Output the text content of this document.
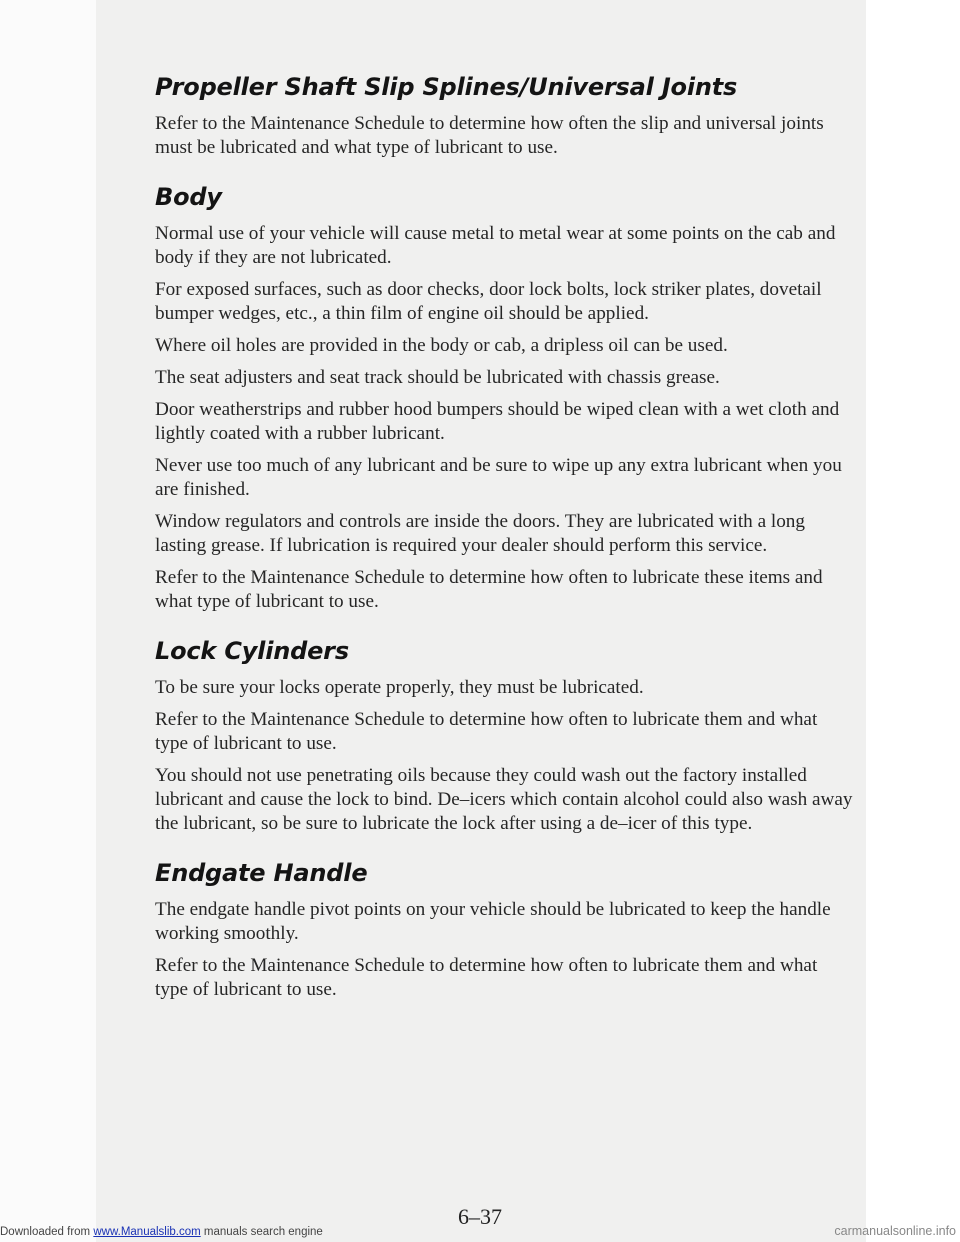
Propeller Shaft Slip Splines/Universal Joints

Refer to the Maintenance Schedule to determine how often the slip and universal joints must be lubricated and what type of lubricant to use.

Body

Normal use of your vehicle will cause metal to metal wear at some points on the cab and body if they are not lubricated.

For exposed surfaces, such as door checks, door lock bolts, lock striker plates, dovetail bumper wedges, etc., a thin film of engine oil should be applied.

Where oil holes are provided in the body or cab, a dripless oil can be used.

The seat adjusters and seat track should be lubricated with chassis grease.

Door weatherstrips and rubber hood bumpers should be wiped clean with a wet cloth and lightly coated with a rubber lubricant.

Never use too much of any lubricant and be sure to wipe up any extra lubricant when you are finished.

Window regulators and controls are inside the doors. They are lubricated with a long lasting grease. If lubrication is required your dealer should perform this service.

Refer to the Maintenance Schedule to determine how often to lubricate these items and what type of lubricant to use.

Lock Cylinders

To be sure your locks operate properly, they must be lubricated.

Refer to the Maintenance Schedule to determine how often to lubricate them and what type of lubricant to use.

You should not use penetrating oils because they could wash out the factory installed lubricant and cause the lock to bind. De–icers which contain alcohol could also wash away the lubricant, so be sure to lubricate the lock after using a de–icer of this type.

Endgate Handle

The endgate handle pivot points on your vehicle should be lubricated to keep the handle working smoothly.

Refer to the Maintenance Schedule to determine how often to lubricate them and what type of lubricant to use.

6–37
Downloaded from www.Manualslib.com manuals search engine	carmanualsonline.info
